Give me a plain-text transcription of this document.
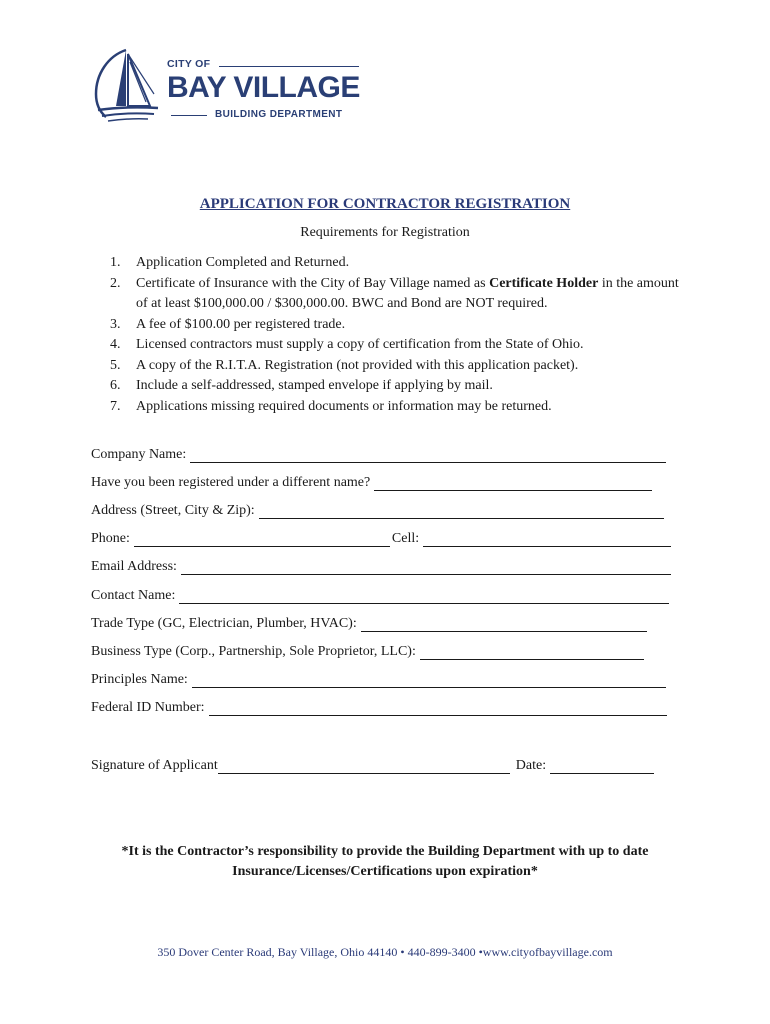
CITY OF
BAY VILLAGE
BUILDING DEPARTMENT
APPLICATION FOR CONTRACTOR REGISTRATION
Requirements for Registration
1. Application Completed and Returned.
2. Certificate of Insurance with the City of Bay Village named as Certificate Holder in the amount of at least $100,000.00 / $300,000.00. BWC and Bond are NOT required.
3. A fee of $100.00 per registered trade.
4. Licensed contractors must supply a copy of certification from the State of Ohio.
5. A copy of the R.I.T.A. Registration (not provided with this application packet).
6. Include a self-addressed, stamped envelope if applying by mail.
7. Applications missing required documents or information may be returned.
Company Name:
Have you been registered under a different name?
Address (Street, City & Zip):
Phone:	Cell:
Email Address:
Contact Name:
Trade Type (GC, Electrician, Plumber, HVAC):
Business Type (Corp., Partnership, Sole Proprietor, LLC):
Principles Name:
Federal ID Number:
Signature of Applicant	Date:
*It is the Contractor’s responsibility to provide the Building Department with up to date
Insurance/Licenses/Certifications upon expiration*
350 Dover Center Road, Bay Village, Ohio 44140 • 440-899-3400 •www.cityofbayvillage.com
